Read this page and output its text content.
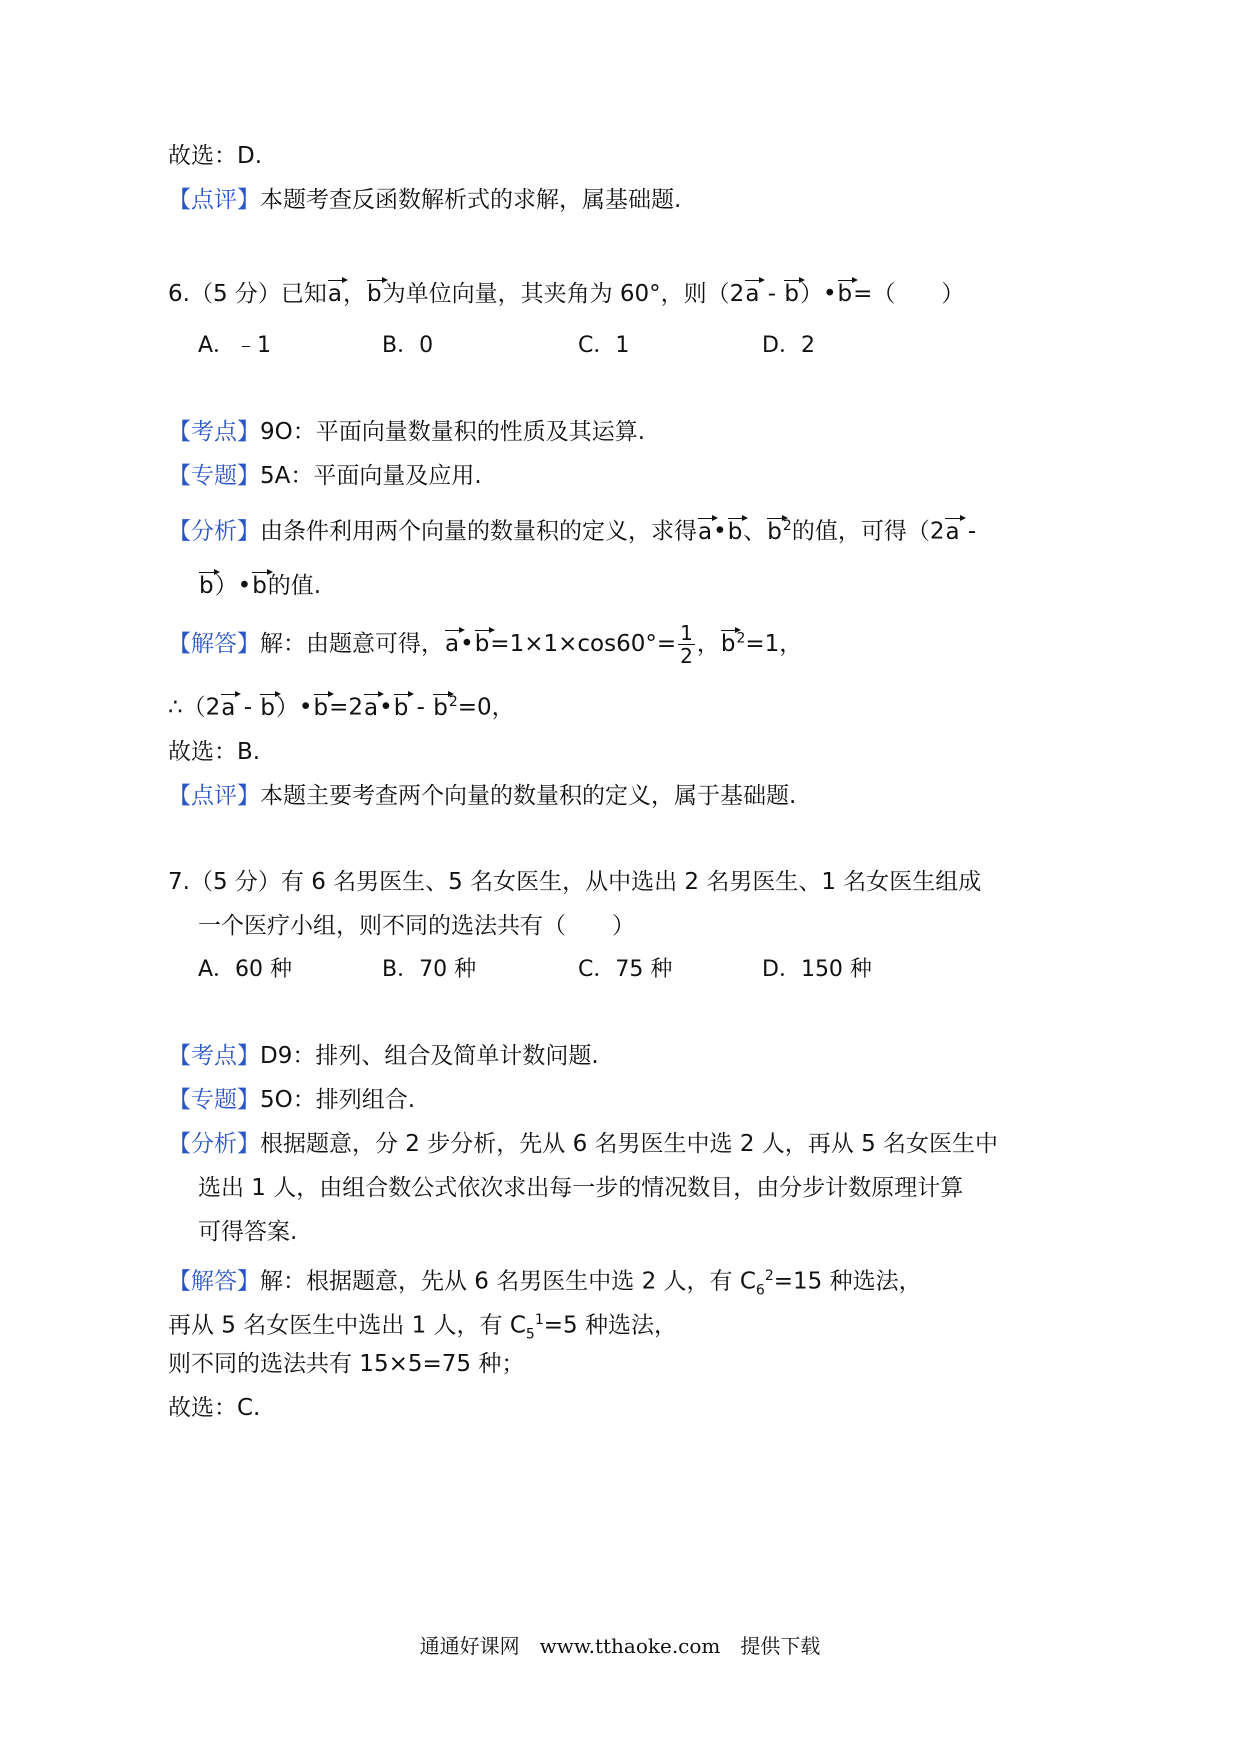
故选：D.
【点评】本题考查反函数解析式的求解，属基础题.
6.（5 分）已知a，b为单位向量，其夹角为 60°，则（2a - b）•b=（　　）
A．﹣1	B．0	C．1	D．2
【考点】9O：平面向量数量积的性质及其运算.
【专题】5A：平面向量及应用.
【分析】由条件利用两个向量的数量积的定义，求得a•b、$b^2$的值，可得（2a -
b）•b的值.
【解答】解：由题意可得，a•b=1×1×cos60°= $\frac{1}{2}$ ，$b^2=1$，
∴（2a - b）•b=2a•b - $b^2=0$，
故选：B.
【点评】本题主要考查两个向量的数量积的定义，属于基础题.
7.（5 分）有 6 名男医生、5 名女医生，从中选出 2 名男医生、1 名女医生组成
一个医疗小组，则不同的选法共有（　　）
A．60 种	B．70 种	C．75 种	D．150 种
【考点】D9：排列、组合及简单计数问题.
【专题】5O：排列组合.
【分析】根据题意，分 2 步分析，先从 6 名男医生中选 2 人，再从 5 名女医生中
选出 1 人，由组合数公式依次求出每一步的情况数目，由分步计数原理计算
可得答案.
【解答】解：根据题意，先从 6 名男医生中选 2 人，有 $C_6^2=15$ 种选法，
再从 5 名女医生中选出 1 人，有 $C_5^1=5$ 种选法，
则不同的选法共有 15×5=75 种；
故选：C.
通通好课网　www.tthaoke.com　提供下载
